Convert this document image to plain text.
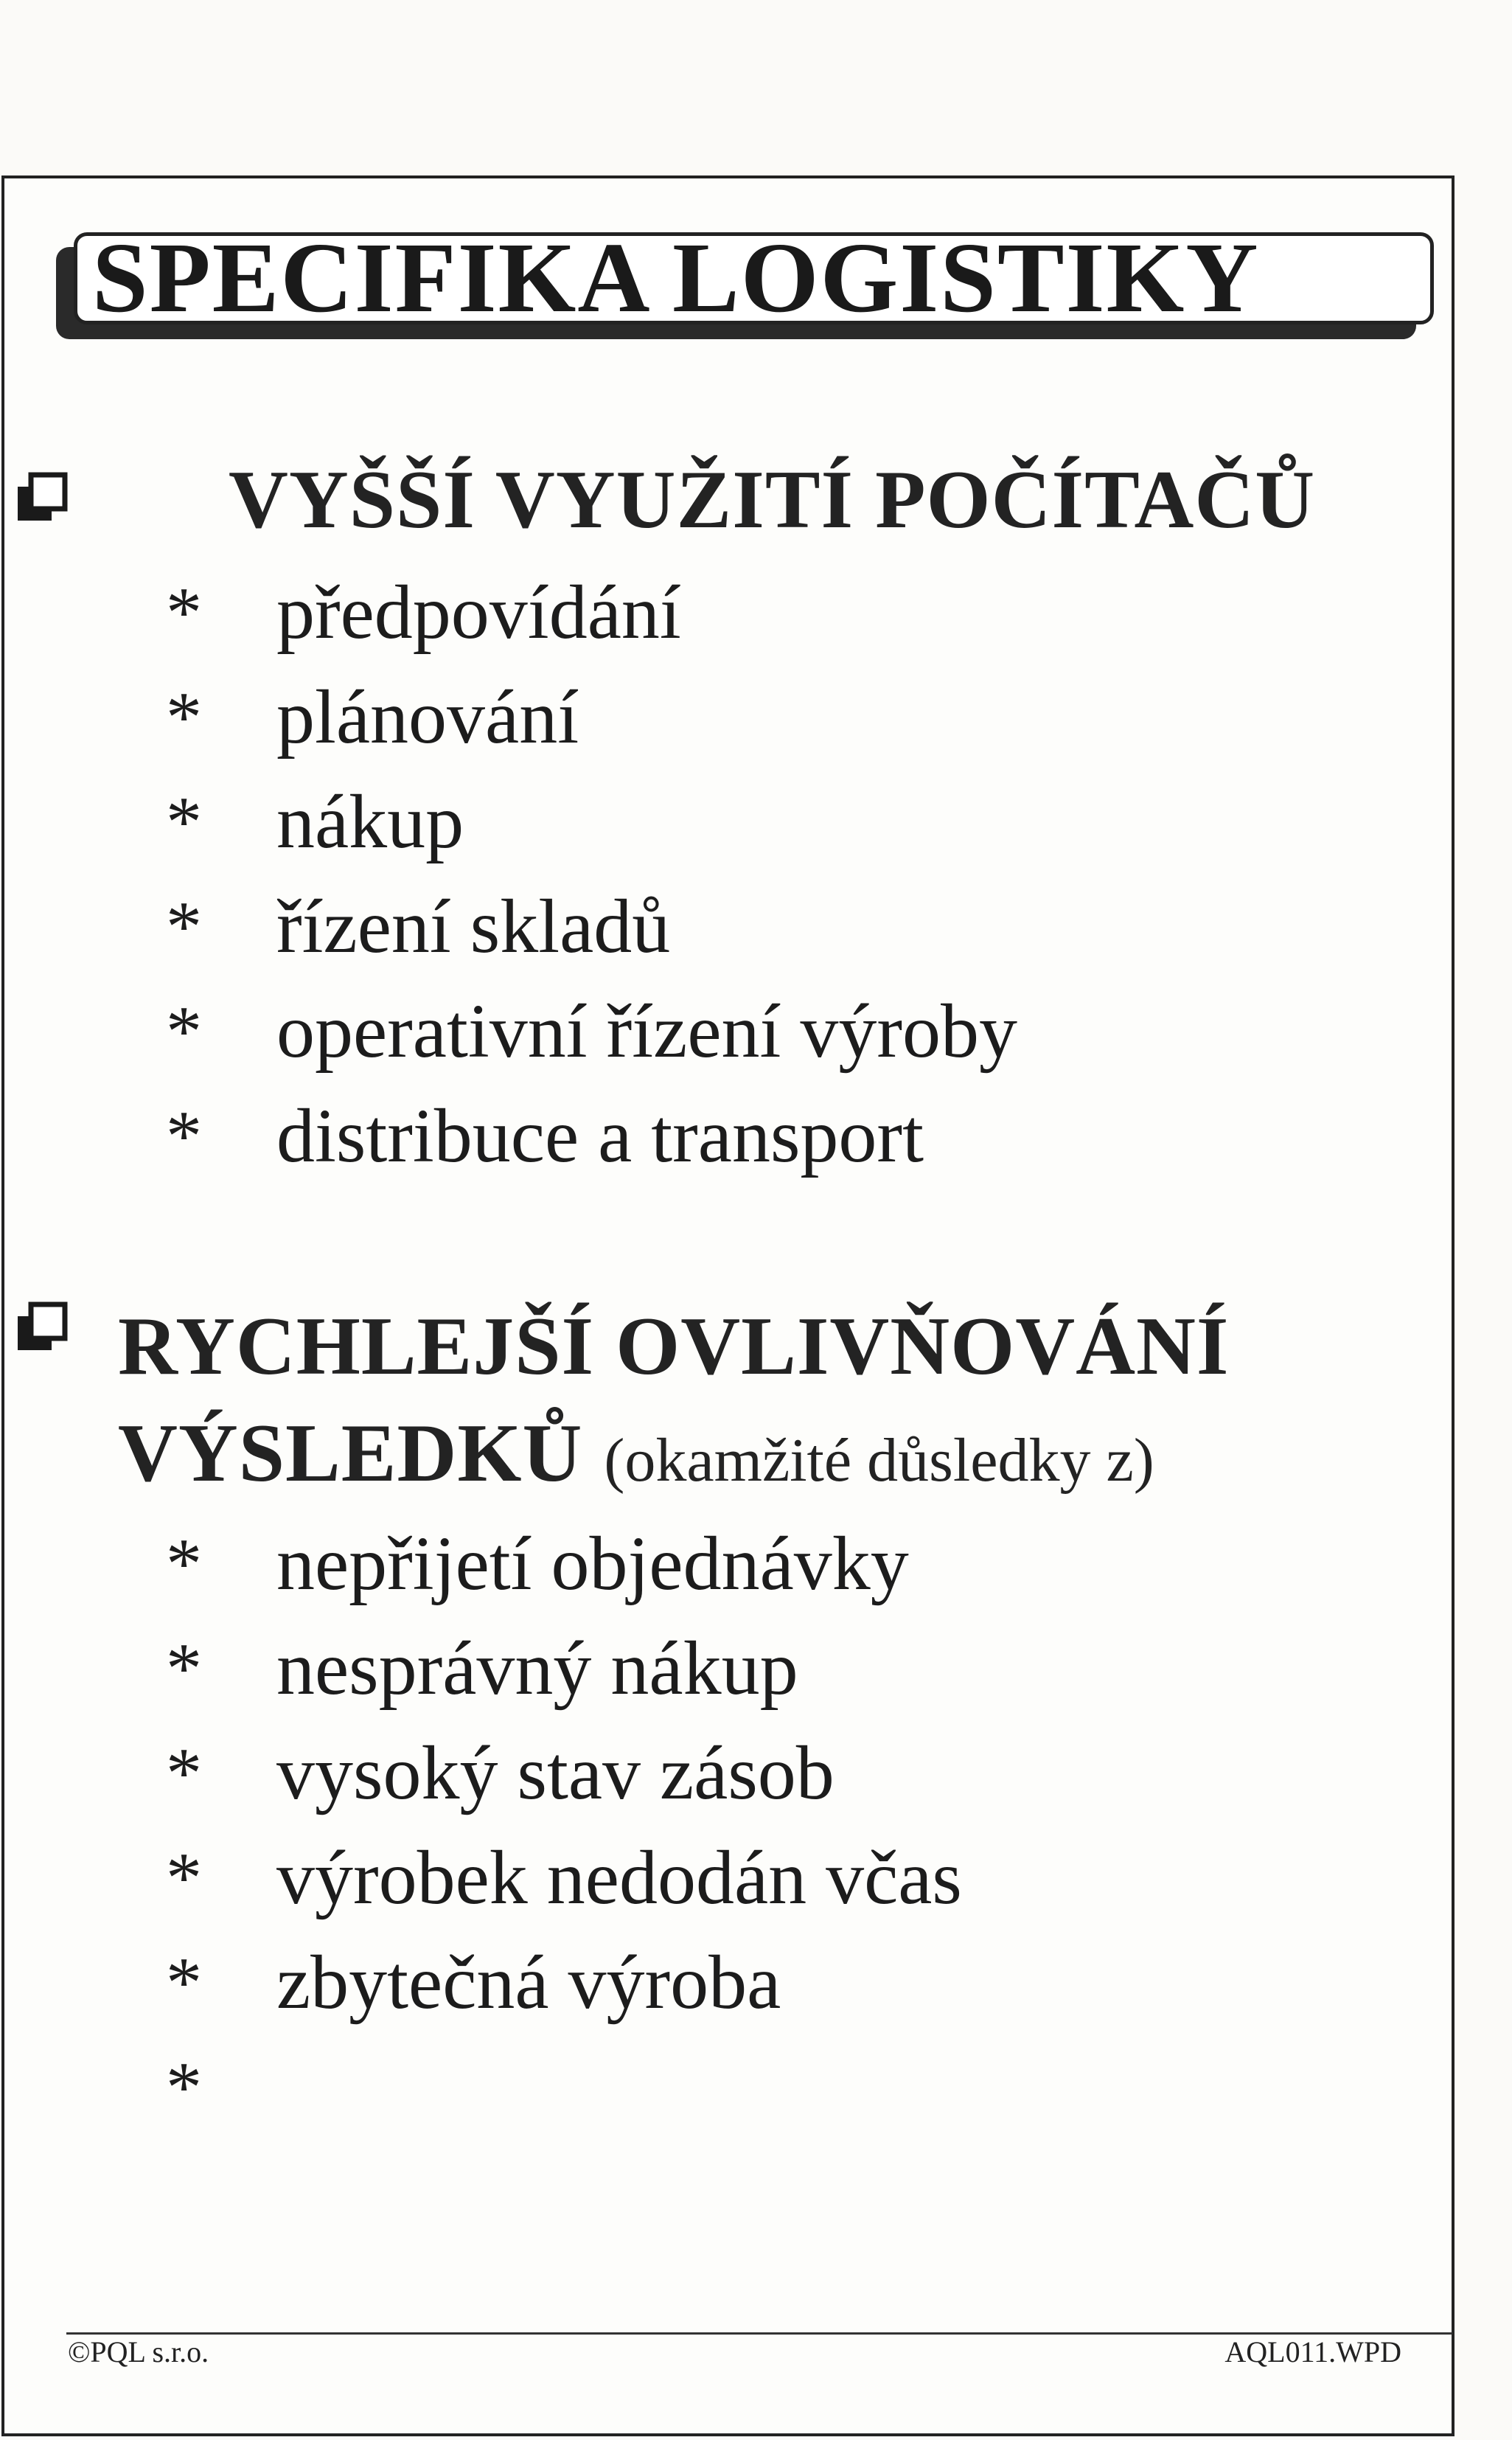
SPECIFIKA LOGISTIKY
VYŠŠÍ VYUŽITÍ POČÍTAČŮ
* předpovídání
* plánování
* nákup
* řízení skladů
* operativní řízení výroby
* distribuce a transport
RYCHLEJŠÍ OVLIVŇOVÁNÍ
VÝSLEDKŮ (okamžité důsledky z)
* nepřijetí objednávky
* nesprávný nákup
* vysoký stav zásob
* výrobek nedodán včas
* zbytečná výroba
*
©PQL s.r.o.	AQL011.WPD
